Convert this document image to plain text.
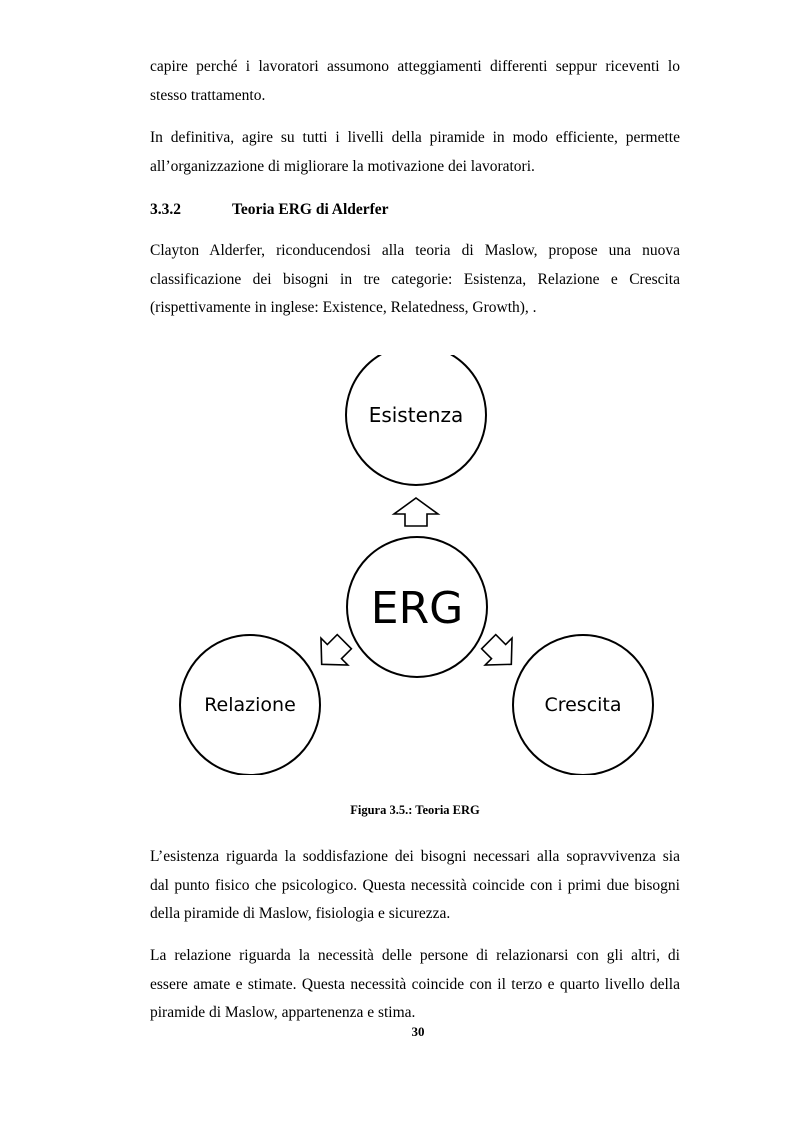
capire perché i lavoratori assumono atteggiamenti differenti seppur riceventi lo
stesso trattamento.

In definitiva, agire su tutti i livelli della piramide in modo efficiente, permette
all’organizzazione di migliorare la motivazione dei lavoratori.

3.3.2	Teoria ERG di Alderfer

Clayton Alderfer, riconducendosi alla teoria di Maslow, propose una nuova
classificazione dei bisogni in tre categorie: Esistenza, Relazione e Crescita
(rispettivamente in inglese: Existence, Relatedness, Growth), .

Esistenza
ERG
Relazione	Crescita
Figura 3.5.: Teoria ERG

L’esistenza riguarda la soddisfazione dei bisogni necessari alla sopravvivenza sia
dal punto fisico che psicologico. Questa necessità coincide con i primi due bisogni
della piramide di Maslow, fisiologia e sicurezza.

La relazione riguarda la necessità delle persone di relazionarsi con gli altri, di
essere amate e stimate. Questa necessità coincide con il terzo e quarto livello della
piramide di Maslow, appartenenza e stima.

30
